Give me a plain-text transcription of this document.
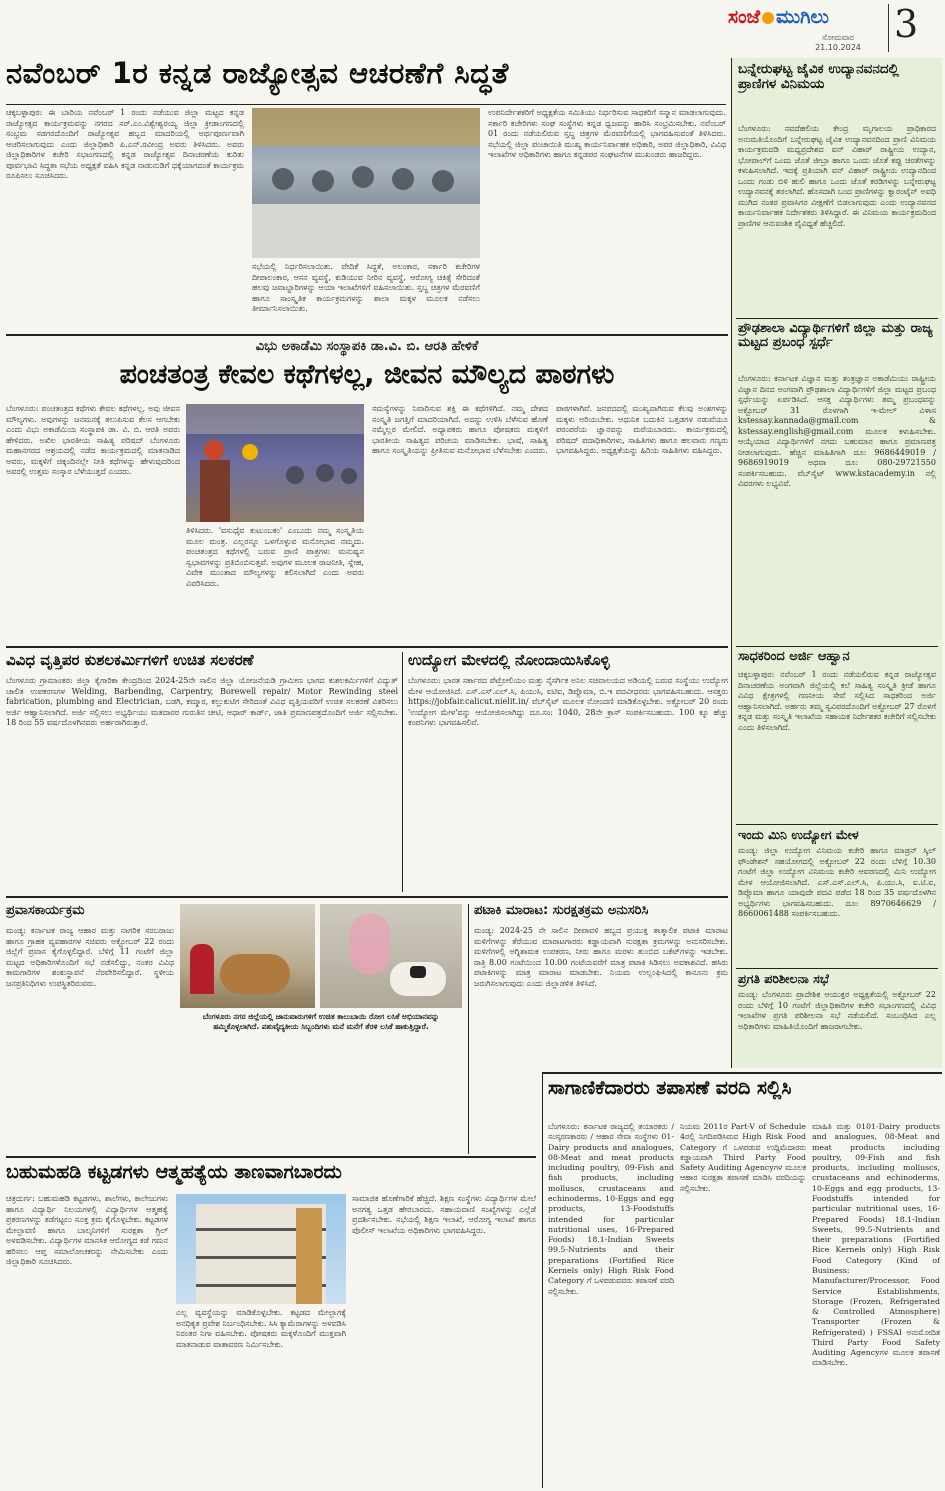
ಸಂಜೆ ಮುಗಿಲು
ಸೋಮವಾರ
21.10.2024
3
ನವೆಂಬರ್ 1ರ ಕನ್ನಡ ರಾಜ್ಯೋತ್ಸವ ಆಚರಣೆಗೆ ಸಿದ್ಧತೆ
ಚಿಕ್ಕಬಳ್ಳಾಪುರ: ಈ ಬಾರಿಯ ನವೆಂಬರ್ 1 ರಂದು ನಡೆಯುವ ಜಿಲ್ಲಾ ಮಟ್ಟದ ಕನ್ನಡ ರಾಜ್ಯೋತ್ಸವ ಕಾರ್ಯಕ್ರಮವನ್ನು ನಗರದ ಸರ್.ಎಂ.ವಿಶ್ವೇಶ್ವರಯ್ಯ ಜಿಲ್ಲಾ ಕ್ರೀಡಾಂಗಣದಲ್ಲಿ ಸಂಭ್ರಮ ಸಡಗರದೊಂದಿಗೆ ರಾಜ್ಯೋತ್ಸವ ಹಬ್ಬದ ಮಾದರಿಯಲ್ಲಿ ಅರ್ಥಪೂರ್ಣವಾಗಿ ಆಚರಿಸಲಾಗುವುದು ಎಂದು ಜಿಲ್ಲಾಧಿಕಾರಿ ಪಿ.ಎನ್.ರವೀಂದ್ರ ಅವರು ತಿಳಿಸಿದರು. ಅವರು ಜಿಲ್ಲಾಧಿಕಾರಿಗಳ ಕಚೇರಿ ಸಭಾಂಗಣದಲ್ಲಿ ಕನ್ನಡ ರಾಜ್ಯೋತ್ಸವ ದಿನಾಚರಣೆಯ ಕುರಿತು ಪೂರ್ವಭಾವಿ ಸಿದ್ಧತಾ ಸಭೆಯ ಅಧ್ಯಕ್ಷತೆ ವಹಿಸಿ ಕನ್ನಡ ನಾಡುನುಡಿಗೆ ಧಕ್ಕೆಯಾಗದಂತೆ ಕಾರ್ಯಕ್ರಮ ರೂಪಿಸಲು ಸೂಚಿಸಿದರು.
ಸಭೆಯಲ್ಲಿ ನಿರ್ಧರಿಸಲಾಯಿತು. ವೇದಿಕೆ ಸಿದ್ಧತೆ, ಅಲಂಕಾರ, ಸರ್ಕಾರಿ ಕಚೇರಿಗಳ ದೀಪಾಲಂಕಾರ, ಆಸನ ವ್ಯವಸ್ಥೆ, ಕುಡಿಯುವ ನೀರಿನ ವ್ಯವಸ್ಥೆ, ಆರೋಗ್ಯ ಚಿಕಿತ್ಸೆ ಸೇರಿದಂತೆ ಹಲವು ಜವಾಬ್ದಾರಿಗಳನ್ನು ಆಯಾ ಇಲಾಖೆಗಳಿಗೆ ವಹಿಸಲಾಯಿತು. ಸ್ತಬ್ಧ ಚಿತ್ರಗಳ ಮೆರವಣಿಗೆ ಹಾಗೂ ಸಾಂಸ್ಕೃತಿಕ ಕಾರ್ಯಕ್ರಮಗಳನ್ನು ಶಾಲಾ ಮಕ್ಕಳ ಮೂಲಕ ನಡೆಸಲು ತೀರ್ಮಾನಿಸಲಾಯಿತು.
ಉಪನಿರ್ದೇಶಕರಿಗೆ ಅಧ್ಯಕ್ಷತೆಯ ಸಮಿತಿಯು ನಿರ್ಧರಿಸುವ ಸಾಧಕರಿಗೆ ಸನ್ಮಾನ ಮಾಡಲಾಗುವುದು. ಸರ್ಕಾರಿ ಕಚೇರಿಗಳು ಸಂಘ ಸಂಸ್ಥೆಗಳು ಕನ್ನಡ ಧ್ವಜವನ್ನು ಹಾರಿಸಿ ಸಂಭ್ರಮಿಸಬೇಕು. ನವೆಂಬರ್ 01 ರಂದು ನಡೆಯಲಿರುವ ಸ್ತಬ್ಧ ಚಿತ್ರಗಳ ಮೆರವಣಿಗೆಯಲ್ಲಿ ಭಾಗವಹಿಸುವಂತೆ ತಿಳಿಸಿದರು. ಸಭೆಯಲ್ಲಿ ಜಿಲ್ಲಾ ಪಂಚಾಯಿತಿ ಮುಖ್ಯ ಕಾರ್ಯನಿರ್ವಾಹಕ ಅಧಿಕಾರಿ, ಅಪರ ಜಿಲ್ಲಾಧಿಕಾರಿ, ವಿವಿಧ ಇಲಾಖೆಗಳ ಅಧಿಕಾರಿಗಳು ಹಾಗೂ ಕನ್ನಡಪರ ಸಂಘಟನೆಗಳ ಮುಖಂಡರು ಹಾಜರಿದ್ದರು.
ಬನ್ನೇರುಘಟ್ಟ ಜೈವಿಕ ಉದ್ಯಾನವನದಲ್ಲಿ ಪ್ರಾಣಿಗಳ ವಿನಿಮಯ
ಬೆಂಗಳೂರು: ನವದೆಹಲಿಯ ಕೇಂದ್ರ ಮೃಗಾಲಯ ಪ್ರಾಧಿಕಾರದ ಅನುಮತಿಯೊಂದಿಗೆ ಬನ್ನೇರುಘಟ್ಟ ಜೈವಿಕ ಉದ್ಯಾನವನದಿಂದ ಪ್ರಾಣಿ ವಿನಿಮಯ ಕಾರ್ಯಕ್ರಮದಡಿ ಮಧ್ಯಪ್ರದೇಶದ ವನ್ ವಿಹಾರ್ ರಾಷ್ಟ್ರೀಯ ಉದ್ಯಾನ, ಭೋಪಾಲ್‌ಗೆ ಒಂದು ಜೊತೆ ಜೀಬ್ರಾ ಹಾಗೂ ಒಂದು ಜೊತೆ ಕಪ್ಪು ಚಿರತೆಗಳನ್ನು ಕಳುಹಿಸಲಾಗಿದೆ. ಇದಕ್ಕೆ ಪ್ರತಿಯಾಗಿ ವನ್ ವಿಹಾರ್ ರಾಷ್ಟ್ರೀಯ ಉದ್ಯಾನದಿಂದ ಒಂದು ಗಂಡು ಬಿಳಿ ಹುಲಿ ಹಾಗೂ ಒಂದು ಜೊತೆ ಕರಡಿಗಳನ್ನು ಬನ್ನೇರುಘಟ್ಟ ಉದ್ಯಾನವನಕ್ಕೆ ತರಲಾಗಿದೆ. ಹೊಸದಾಗಿ ಬಂದ ಪ್ರಾಣಿಗಳನ್ನು ಕ್ವಾರಂಟೈನ್ ಅವಧಿ ಮುಗಿದ ನಂತರ ಪ್ರವಾಸಿಗರ ವೀಕ್ಷಣೆಗೆ ಬಿಡಲಾಗುವುದು ಎಂದು ಉದ್ಯಾನವನದ ಕಾರ್ಯನಿರ್ವಾಹಕ ನಿರ್ದೇಶಕರು ತಿಳಿಸಿದ್ದಾರೆ. ಈ ವಿನಿಮಯ ಕಾರ್ಯಕ್ರಮದಿಂದ ಪ್ರಾಣಿಗಳ ಆನುವಂಶಿಕ ವೈವಿಧ್ಯತೆ ಹೆಚ್ಚಲಿದೆ.
ಪ್ರೌಢಶಾಲಾ ವಿದ್ಯಾರ್ಥಿಗಳಿಗೆ ಜಿಲ್ಲಾ ಮತ್ತು ರಾಜ್ಯ ಮಟ್ಟದ ಪ್ರಬಂಧ ಸ್ಪರ್ಧೆ
ಬೆಂಗಳೂರು: ಕರ್ನಾಟಕ ವಿಜ್ಞಾನ ಮತ್ತು ತಂತ್ರಜ್ಞಾನ ಅಕಾಡೆಮಿಯು ರಾಷ್ಟ್ರೀಯ ವಿಜ್ಞಾನ ದಿನದ ಅಂಗವಾಗಿ ಪ್ರೌಢಶಾಲಾ ವಿದ್ಯಾರ್ಥಿಗಳಿಗೆ ಜಿಲ್ಲಾ ಮಟ್ಟದ ಪ್ರಬಂಧ ಸ್ಪರ್ಧೆಯನ್ನು ಏರ್ಪಡಿಸಿದೆ. ಆಸಕ್ತ ವಿದ್ಯಾರ್ಥಿಗಳು ತಮ್ಮ ಪ್ರಬಂಧವನ್ನು ಅಕ್ಟೋಬರ್ 31 ರೊಳಗಾಗಿ ಇ-ಮೇಲ್ ವಿಳಾಸ kstessay.kannada@gmail.com & kstessay.english@gmail.com ಮೂಲಕ ಕಳುಹಿಸಬೇಕು. ಆಯ್ಕೆಯಾದ ವಿದ್ಯಾರ್ಥಿಗಳಿಗೆ ನಗದು ಬಹುಮಾನ ಹಾಗೂ ಪ್ರಮಾಣಪತ್ರ ನೀಡಲಾಗುವುದು. ಹೆಚ್ಚಿನ ಮಾಹಿತಿಗಾಗಿ ದೂ: 9686449019 / 9686919019 ಅಥವಾ ದೂ: 080-29721550 ಸಂಪರ್ಕಿಸಬಹುದು. ವೆಬ್‌ಸೈಟ್ www.kstacademy.in ನಲ್ಲಿ ವಿವರಗಳು ಲಭ್ಯವಿವೆ.
ಸಾಧಕರಿಂದ ಅರ್ಜಿ ಆಹ್ವಾನ
ಚಿಕ್ಕಬಳ್ಳಾಪುರ: ನವೆಂಬರ್ 1 ರಂದು ನಡೆಯಲಿರುವ ಕನ್ನಡ ರಾಜ್ಯೋತ್ಸವ ದಿನಾಚರಣೆಯ ಅಂಗವಾಗಿ ಜಿಲ್ಲೆಯಲ್ಲಿ ಕಲೆ ಸಾಹಿತ್ಯ ಸಂಸ್ಕೃತಿ ಕ್ರೀಡೆ ಹಾಗೂ ವಿವಿಧ ಕ್ಷೇತ್ರಗಳಲ್ಲಿ ಗಣನೀಯ ಸೇವೆ ಸಲ್ಲಿಸಿದ ಸಾಧಕರಿಂದ ಅರ್ಜಿ ಆಹ್ವಾನಿಸಲಾಗಿದೆ. ಅರ್ಹರು ತಮ್ಮ ಸ್ವವಿವರದೊಂದಿಗೆ ಅಕ್ಟೋಬರ್ 27 ರೊಳಗೆ ಕನ್ನಡ ಮತ್ತು ಸಂಸ್ಕೃತಿ ಇಲಾಖೆಯ ಸಹಾಯಕ ನಿರ್ದೇಶಕರ ಕಚೇರಿಗೆ ಸಲ್ಲಿಸಬೇಕು ಎಂದು ತಿಳಿಸಲಾಗಿದೆ.
ಇಂದು ಮಿನಿ ಉದ್ಯೋಗ ಮೇಳ
ಮಂಡ್ಯ: ಜಿಲ್ಲಾ ಉದ್ಯೋಗ ವಿನಿಮಯ ಕಚೇರಿ ಹಾಗೂ ಮಾಡ್ರನ್ ಸ್ಕಿಲ್ ಫೌಂಡೇಶನ್ ಸಹಯೋಗದಲ್ಲಿ ಅಕ್ಟೋಬರ್ 22 ರಂದು ಬೆಳಿಗ್ಗೆ 10.30 ಗಂಟೆಗೆ ಜಿಲ್ಲಾ ಉದ್ಯೋಗ ವಿನಿಮಯ ಕಚೇರಿ ಆವರಣದಲ್ಲಿ ಮಿನಿ ಉದ್ಯೋಗ ಮೇಳ ಆಯೋಜಿಸಲಾಗಿದೆ. ಎಸ್.ಎಸ್.ಎಲ್.ಸಿ, ಪಿ.ಯು.ಸಿ, ಐ.ಟಿ.ಐ, ಡಿಪ್ಲೊಮಾ ಹಾಗೂ ಯಾವುದೇ ಪದವಿ ಪಡೆದ 18 ರಿಂದ 35 ವರ್ಷದೊಳಗಿನ ಅಭ್ಯರ್ಥಿಗಳು ಭಾಗವಹಿಸಬಹುದು. ದೂ: 8970646629 / 8660061488 ಸಂಪರ್ಕಿಸಬಹುದು.
ಪ್ರಗತಿ ಪರಿಶೀಲನಾ ಸಭೆ
ಮಂಡ್ಯ: ಬೆಂಗಳೂರು ಪ್ರಾದೇಶಿಕ ಆಯುಕ್ತರ ಅಧ್ಯಕ್ಷತೆಯಲ್ಲಿ ಅಕ್ಟೋಬರ್ 22 ರಂದು ಬೆಳಿಗ್ಗೆ 10 ಗಂಟೆಗೆ ಜಿಲ್ಲಾಧಿಕಾರಿಗಳ ಕಚೇರಿ ಸಭಾಂಗಣದಲ್ಲಿ ವಿವಿಧ ಇಲಾಖೆಗಳ ಪ್ರಗತಿ ಪರಿಶೀಲನಾ ಸಭೆ ನಡೆಯಲಿದೆ. ಸಂಬಂಧಿಸಿದ ಎಲ್ಲ ಅಧಿಕಾರಿಗಳು ಮಾಹಿತಿಯೊಂದಿಗೆ ಹಾಜರಾಗಬೇಕು.
ವಿಭು ಅಕಾಡೆಮಿ ಸಂಸ್ಥಾಪಕಿ ಡಾ.ವಿ. ಬಿ. ಆರತಿ ಹೇಳಿಕೆ
ಪಂಚತಂತ್ರ ಕೇವಲ ಕಥೆಗಳಲ್ಲ, ಜೀವನ ಮೌಲ್ಯದ ಪಾಠಗಳು
ಬೆಂಗಳೂರು: ಪಂಚತಂತ್ರದ ಕಥೆಗಳು ಕೇವಲ ಕಥೆಗಳಲ್ಲ, ಅವು ಜೀವನ ಮೌಲ್ಯಗಳು. ಅವುಗಳನ್ನು ಜನಮನಕ್ಕೆ ತಲುಪಿಸುವ ಕೆಲಸ ಆಗಬೇಕು ಎಂದು ವಿಭು ಅಕಾಡೆಮಿಯ ಸಂಸ್ಥಾಪಕಿ ಡಾ. ವಿ. ಬಿ. ಆರತಿ ಅವರು ಹೇಳಿದರು. ಅಖಿಲ ಭಾರತೀಯ ಸಾಹಿತ್ಯ ಪರಿಷದ್ ಬೆಂಗಳೂರು ಮಹಾನಗರದ ಆಶ್ರಯದಲ್ಲಿ ನಡೆದ ಕಾರ್ಯಕ್ರಮದಲ್ಲಿ ಮಾತನಾಡಿದ ಅವರು, ಮಕ್ಕಳಿಗೆ ಚಿಕ್ಕಂದಿನಲ್ಲೇ ನೀತಿ ಕಥೆಗಳನ್ನು ಹೇಳುವುದರಿಂದ ಅವರಲ್ಲಿ ಉತ್ತಮ ಸಂಸ್ಕಾರ ಬೆಳೆಯುತ್ತದೆ ಎಂದರು.
ತಿಳಿಸಿದರು. 'ವಸುಧೈವ ಕುಟುಂಬಕಂ' ಎಂಬುದು ನಮ್ಮ ಸಂಸ್ಕೃತಿಯ ಮೂಲ ಮಂತ್ರ. ಎಲ್ಲರನ್ನೂ ಒಳಗೊಳ್ಳುವ ಮನೋಭಾವ ನಮ್ಮದು. ಪಂಚತಂತ್ರದ ಕಥೆಗಳಲ್ಲಿ ಬರುವ ಪ್ರಾಣಿ ಪಾತ್ರಗಳು ಮನುಷ್ಯನ ಸ್ವಭಾವಗಳನ್ನು ಪ್ರತಿಬಿಂಬಿಸುತ್ತವೆ. ಅವುಗಳ ಮೂಲಕ ರಾಜನೀತಿ, ಸ್ನೇಹ, ವಿವೇಕ ಮುಂತಾದ ಮೌಲ್ಯಗಳನ್ನು ಕಲಿಸಲಾಗಿದೆ ಎಂದು ಅವರು ವಿವರಿಸಿದರು.
ಸಮಸ್ಯೆಗಳನ್ನು ನಿವಾರಿಸುವ ಶಕ್ತಿ ಈ ಕಥೆಗಳಿಗಿದೆ. ನಮ್ಮ ದೇಶದ ಸಂಸ್ಕೃತಿ ಜಗತ್ತಿಗೆ ಮಾದರಿಯಾಗಿದೆ. ಅದನ್ನು ಉಳಿಸಿ ಬೆಳೆಸುವ ಹೊಣೆ ನಮ್ಮೆಲ್ಲರ ಮೇಲಿದೆ. ಅಧ್ಯಾಪಕರು ಹಾಗೂ ಪೋಷಕರು ಮಕ್ಕಳಿಗೆ ಭಾರತೀಯ ಸಾಹಿತ್ಯದ ಪರಿಚಯ ಮಾಡಿಸಬೇಕು. ಭಾಷೆ, ಸಾಹಿತ್ಯ ಹಾಗೂ ಸಂಸ್ಕೃತಿಯನ್ನು ಪ್ರೀತಿಸುವ ಮನೋಭಾವ ಬೆಳೆಸಬೇಕು ಎಂದರು.
ಪಾಠಗಳಾಗಿವೆ. ಜನಪದದಲ್ಲಿ ಮುಖ್ಯವಾಗಿರುವ ಕೆಲವು ಅಂಶಗಳನ್ನು ಮಕ್ಕಳು ಅರಿಯಬೇಕು. ಆಧುನಿಕ ಬದುಕಿನ ಒತ್ತಡಗಳ ನಡುವೆಯೂ ಪರಂಪರೆಯ ಜ್ಞಾನವನ್ನು ಮರೆಯಬಾರದು. ಕಾರ್ಯಕ್ರಮದಲ್ಲಿ ಪರಿಷದ್ ಪದಾಧಿಕಾರಿಗಳು, ಸಾಹಿತಿಗಳು ಹಾಗೂ ಹಲವಾರು ಗಣ್ಯರು ಭಾಗವಹಿಸಿದ್ದರು. ಅಧ್ಯಕ್ಷತೆಯನ್ನು ಹಿರಿಯ ಸಾಹಿತಿಗಳು ವಹಿಸಿದ್ದರು.
ವಿವಿಧ ವೃತ್ತಿಪರ ಕುಶಲಕರ್ಮಿಗಳಿಗೆ ಉಚಿತ ಸಲಕರಣೆ
ಬೆಂಗಳೂರು ಗ್ರಾಮಾಂತರ: ಜಿಲ್ಲಾ ಕೈಗಾರಿಕಾ ಕೇಂದ್ರದಿಂದ 2024-25ನೇ ಸಾಲಿನ ಜಿಲ್ಲಾ ಯೋಜನೆಯಡಿ ಗ್ರಾಮೀಣ ಭಾಗದ ಕುಶಲಕರ್ಮಿಗಳಿಗೆ ವಿದ್ಯುತ್ ಚಾಲಿತ ಉಪಕರಣಗಳ Welding, Barbending, Carpentry, Borewell repair/ Motor Rewinding steel fabrication, plumbing and Electrician, ಬಡಗಿ, ಕಮ್ಮಾರ, ಕಲ್ಲುಕುಟಿಗ ಸೇರಿದಂತೆ ವಿವಿಧ ವೃತ್ತಿಯವರಿಗೆ ಉಚಿತ ಸಲಕರಣೆ ವಿತರಿಸಲು ಅರ್ಜಿ ಆಹ್ವಾನಿಸಲಾಗಿದೆ. ಅರ್ಜಿ ಸಲ್ಲಿಸಲು ಅಭ್ಯರ್ಥಿಯು ಮತದಾರರ ಗುರುತಿನ ಚೀಟಿ, ಆಧಾರ್ ಕಾರ್ಡ್, ಜಾತಿ ಪ್ರಮಾಣಪತ್ರದೊಂದಿಗೆ ಅರ್ಜಿ ಸಲ್ಲಿಸಬೇಕು. 18 ರಿಂದ 55 ವರ್ಷದೊಳಗಿನವರು ಅರ್ಹರಾಗಿರುತ್ತಾರೆ.
ಉದ್ಯೋಗ ಮೇಳದಲ್ಲಿ ನೋಂದಾಯಿಸಿಕೊಳ್ಳಿ
ಬೆಂಗಳೂರು: ಭಾರತ ಸರ್ಕಾರದ ಪೆಟ್ರೋಲಿಯಂ ಮತ್ತು ನೈಸರ್ಗಿಕ ಅನಿಲ ಸಚಿವಾಲಯದ ಅಡಿಯಲ್ಲಿ ಬರುವ ಸಂಸ್ಥೆಯು ಉದ್ಯೋಗ ಮೇಳ ಆಯೋಜಿಸಿದೆ. ಎಸ್.ಎಸ್.ಎಲ್.ಸಿ, ಪಿಯುಸಿ, ಐಟಿಐ, ಡಿಪ್ಲೊಮಾ, ಬಿ.ಇ ಪದವೀಧರರು ಭಾಗವಹಿಸಬಹುದು. ಆಸಕ್ತರು https://jobfair.calicut.nielit.in/ ವೆಬ್‌ಸೈಟ್ ಮೂಲಕ ನೋಂದಣಿ ಮಾಡಿಕೊಳ್ಳಬೇಕು. ಅಕ್ಟೋಬರ್ 20 ರಂದು 'ಉದ್ಯೋಗ ಮೇಳ'ವನ್ನು ಆಯೋಜಿಸಲಾಗಿದ್ದು ದೂ.ಸಂ: 1040, 28ನೇ ಕ್ರಾಸ್ ಸಂಪರ್ಕಿಸಬಹುದು. 100 ಕ್ಕೂ ಹೆಚ್ಚು ಕಂಪನಿಗಳು ಭಾಗವಹಿಸಲಿವೆ.
ಪ್ರವಾಸಕಾರ್ಯಕ್ರಮ
ಮಂಡ್ಯ: ಕರ್ನಾಟಕ ರಾಜ್ಯ ಆಹಾರ ಮತ್ತು ನಾಗರಿಕ ಸರಬರಾಜು ಹಾಗೂ ಗ್ರಾಹಕ ವ್ಯವಹಾರಗಳ ಸಚಿವರು ಅಕ್ಟೋಬರ್ 22 ರಂದು ಜಿಲ್ಲೆಗೆ ಪ್ರವಾಸ ಕೈಗೊಳ್ಳಲಿದ್ದಾರೆ. ಬೆಳಿಗ್ಗೆ 11 ಗಂಟೆಗೆ ಜಿಲ್ಲಾ ಮಟ್ಟದ ಅಧಿಕಾರಿಗಳೊಂದಿಗೆ ಸಭೆ ನಡೆಸಲಿದ್ದು, ನಂತರ ವಿವಿಧ ಕಾಮಗಾರಿಗಳ ಶಂಕುಸ್ಥಾಪನೆ ನೆರವೇರಿಸಲಿದ್ದಾರೆ. ಸ್ಥಳೀಯ ಜನಪ್ರತಿನಿಧಿಗಳು ಉಪಸ್ಥಿತರಿರುವರು.
ಬೆಂಗಳೂರು ನಗರ ಜಿಲ್ಲೆಯಲ್ಲಿ ಜಾನುವಾರುಗಳಿಗೆ ಉಚಿತ ಕಾಲುಬಾಯಿ ರೋಗ ಲಸಿಕೆ ಅಭಿಯಾನವನ್ನು ಹಮ್ಮಿಕೊಳ್ಳಲಾಗಿದೆ. ಪಶುವೈದ್ಯಕೀಯ ಸಿಬ್ಬಂದಿಗಳು ಮನೆ ಮನೆಗೆ ತೆರಳಿ ಲಸಿಕೆ ಹಾಕುತ್ತಿದ್ದಾರೆ.
ಪಟಾಕಿ ಮಾರಾಟ: ಸುರಕ್ಷತಕ್ರಮ ಅನುಸರಿಸಿ
ಮಂಡ್ಯ: 2024-25 ನೇ ಸಾಲಿನ ದೀಪಾವಳಿ ಹಬ್ಬದ ಪ್ರಯುಕ್ತ ತಾತ್ಕಾಲಿಕ ಪಟಾಕಿ ಮಾರಾಟ ಮಳಿಗೆಗಳನ್ನು ತೆರೆಯುವ ಮಾರಾಟಗಾರರು ಕಡ್ಡಾಯವಾಗಿ ಸುರಕ್ಷತಾ ಕ್ರಮಗಳನ್ನು ಅನುಸರಿಸಬೇಕು. ಮಳಿಗೆಗಳಲ್ಲಿ ಅಗ್ನಿಶಾಮಕ ಉಪಕರಣ, ನೀರು ಹಾಗೂ ಮರಳು ತುಂಬಿದ ಬಕೆಟ್‌ಗಳನ್ನು ಇಡಬೇಕು. ರಾತ್ರಿ 8.00 ಗಂಟೆಯಿಂದ 10.00 ಗಂಟೆಯವರೆಗೆ ಮಾತ್ರ ಪಟಾಕಿ ಸಿಡಿಸಲು ಅವಕಾಶವಿದೆ. ಹಸಿರು ಪಟಾಕಿಗಳನ್ನು ಮಾತ್ರ ಮಾರಾಟ ಮಾಡಬೇಕು. ನಿಯಮ ಉಲ್ಲಂಘಿಸಿದಲ್ಲಿ ಕಾನೂನು ಕ್ರಮ ಜರುಗಿಸಲಾಗುವುದು ಎಂದು ಜಿಲ್ಲಾಡಳಿತ ತಿಳಿಸಿದೆ.
ಬಹುಮಹಡಿ ಕಟ್ಟಡಗಳು ಆತ್ಮಹತ್ಯೆಯ ತಾಣವಾಗಬಾರದು
ಚಿತ್ರದುರ್ಗ: ಬಹುಮಹಡಿ ಕಟ್ಟಡಗಳು, ಶಾಲೆಗಳು, ಕಾಲೇಜುಗಳು ಹಾಗೂ ವಿದ್ಯಾರ್ಥಿ ನಿಲಯಗಳಲ್ಲಿ ವಿದ್ಯಾರ್ಥಿಗಳ ಆತ್ಮಹತ್ಯೆ ಪ್ರಕರಣಗಳನ್ನು ತಡೆಗಟ್ಟಲು ಸೂಕ್ತ ಕ್ರಮ ಕೈಗೊಳ್ಳಬೇಕು. ಕಟ್ಟಡಗಳ ಮೇಲ್ಛಾವಣಿ ಹಾಗೂ ಬಾಲ್ಕನಿಗಳಿಗೆ ಸುರಕ್ಷತಾ ಗ್ರಿಲ್ ಅಳವಡಿಸಬೇಕು. ವಿದ್ಯಾರ್ಥಿಗಳ ಮಾನಸಿಕ ಆರೋಗ್ಯದ ಕಡೆ ಗಮನ ಹರಿಸಲು ಆಪ್ತ ಸಮಾಲೋಚಕರನ್ನು ನೇಮಿಸಬೇಕು ಎಂದು ಜಿಲ್ಲಾಧಿಕಾರಿ ಸೂಚಿಸಿದರು.
ಎಲ್ಲ ವ್ಯವಸ್ಥೆಯನ್ನು ಮಾಡಿಕೊಳ್ಳಬೇಕು. ಕಟ್ಟಡದ ಮೇಲ್ಭಾಗಕ್ಕೆ ಅನಧಿಕೃತ ಪ್ರವೇಶ ನಿರ್ಬಂಧಿಸಬೇಕು. ಸಿಸಿ ಕ್ಯಾಮೆರಾಗಳನ್ನು ಅಳವಡಿಸಿ ನಿರಂತರ ನಿಗಾ ವಹಿಸಬೇಕು. ಪೋಷಕರು ಮಕ್ಕಳೊಂದಿಗೆ ಮುಕ್ತವಾಗಿ ಮಾತನಾಡುವ ವಾತಾವರಣ ನಿರ್ಮಿಸಬೇಕು.
ಸಾಮಾಜಿಕ ಹೊಣೆಗಾರಿಕೆ ಹೆಚ್ಚಿದೆ. ಶಿಕ್ಷಣ ಸಂಸ್ಥೆಗಳು ವಿದ್ಯಾರ್ಥಿಗಳ ಮೇಲೆ ಅನಗತ್ಯ ಒತ್ತಡ ಹೇರಬಾರದು. ಸಹಾಯವಾಣಿ ಸಂಖ್ಯೆಗಳನ್ನು ಎಲ್ಲೆಡೆ ಪ್ರದರ್ಶಿಸಬೇಕು. ಸಭೆಯಲ್ಲಿ ಶಿಕ್ಷಣ ಇಲಾಖೆ, ಆರೋಗ್ಯ ಇಲಾಖೆ ಹಾಗೂ ಪೊಲೀಸ್ ಇಲಾಖೆಯ ಅಧಿಕಾರಿಗಳು ಭಾಗವಹಿಸಿದ್ದರು.
ಸಾಗಾಣಿಕೆದಾರರು ತಪಾಸಣೆ ವರದಿ ಸಲ್ಲಿಸಿ
ಬೆಂಗಳೂರು: ಕರ್ನಾಟಕ ರಾಜ್ಯದಲ್ಲಿ ತಯಾರಕರು / ಸಂಸ್ಕರಣಕಾರರು / ಆಹಾರ ಸೇವಾ ಸಂಸ್ಥೆಗಳು 01-Dairy products and analogues, 08-Meat and meat products including poultry, 09-Fish and fish products, including molluscs, crustaceans and echinoderms, 10-Eggs and egg products, 13-Foodstuffs intended for particular nutritional uses, 16-Prepared Foods) 18.1-Indian Sweets 99.5-Nutrients and their preparations (Fortified Rice Kernels only) High Risk Food Category ಗೆ ಒಳಪಡುವವರು ತಪಾಸಣೆ ವರದಿ ಸಲ್ಲಿಸಬೇಕು.
ನಿಯಮ 2011ರ Part-V of Schedule 4ರಲ್ಲಿ ನಿಗದಿಪಡಿಸಿರುವ High Risk Food Category ಗೆ ಒಳಪಡುವ ಉದ್ದಿಮೆದಾರರು ಕಡ್ಡಾಯವಾಗಿ Third Party Food Safety Auditing Agencyಗಳ ಮೂಲಕ ಆಹಾರ ಸುರಕ್ಷತಾ ತಪಾಸಣೆ ಮಾಡಿಸಿ ವರದಿಯನ್ನು ಸಲ್ಲಿಸಬೇಕು.
ಮಾಹಿತಿ ಮತ್ತು 0101-Dairy products and analogues, 08-Meat and meat products including poultry, 09-Fish and fish products, including molluscs, crustaceans and echinoderms, 10-Eggs and egg products, 13-Foodstuffs intended for particular nutritional uses, 16-Prepared Foods) 18.1-Indian Sweets, 99.5-Nutrients and their preparations (Fortified Rice Kernels only) High Risk Food Category (Kind of Business: Manufacturer/Processor, Food Service Establishments, Storage (Frozen, Refrigerated & Controlled Atmosphere) Transporter (Frozen & Refrigerated) ) FSSAI ಅನುಮೋದಿತ Third Party Food Safety Auditing Agencyಗಳ ಮೂಲಕ ತಪಾಸಣೆ ಮಾಡಿಸಬೇಕು.
